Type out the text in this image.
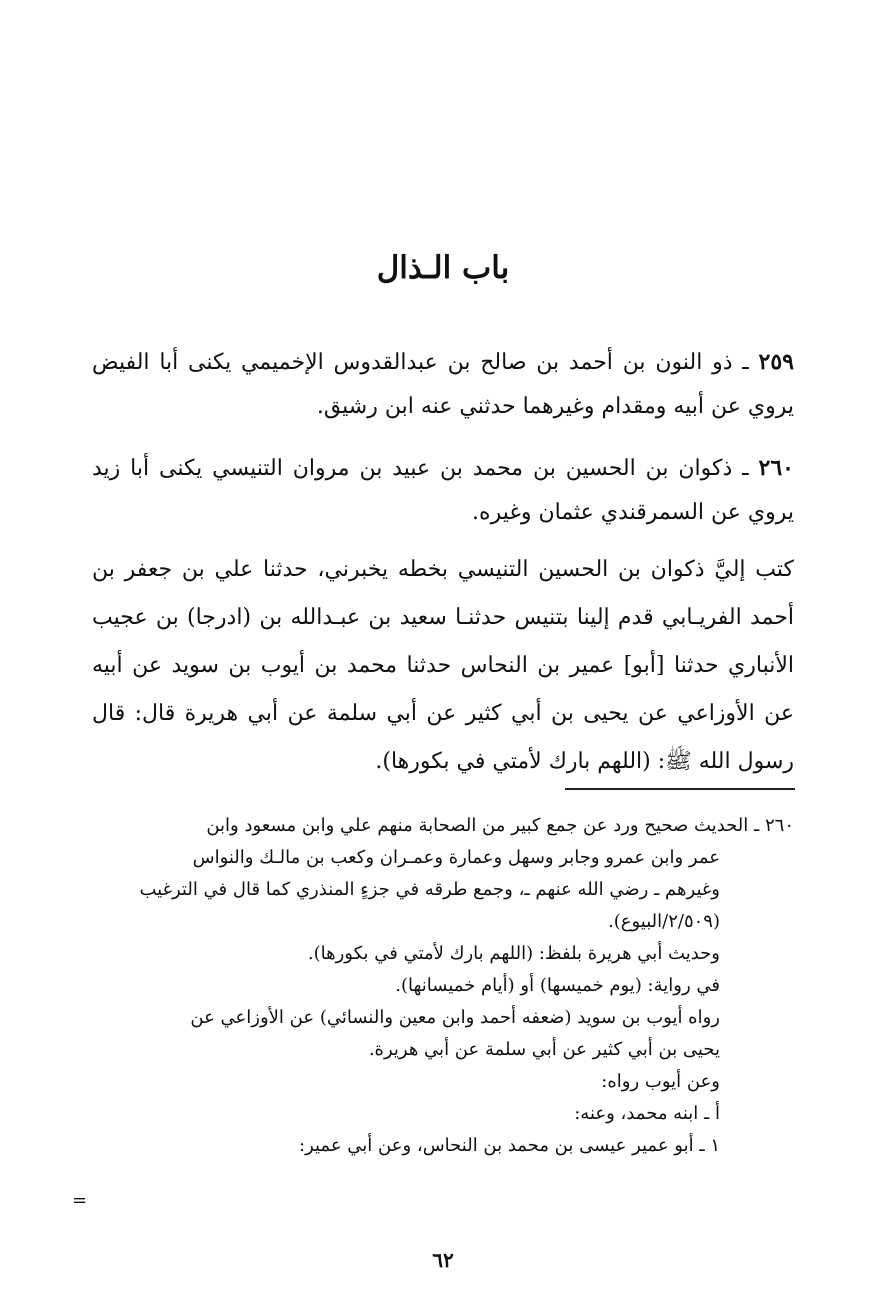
باب الـذال
٢٥٩ ـ ذو النون بن أحمد بن صالح بن عبدالقدوس الإخميمي يكنى أبا الفيض يروي عن أبيه ومقدام وغيرهما حدثني عنه ابن رشيق.
٢٦٠ ـ ذكوان بن الحسين بن محمد بن عبيد بن مروان التنيسي يكنى أبا زيد يروي عن السمرقندي عثمان وغيره.
كتب إليَّ ذكوان بن الحسين التنيسي بخطه يخبرني، حدثنا علي بن جعفر بن أحمد الفريـابي قدم إلينا بتنيس حدثنـا سعيد بن عبـدالله بن (ادرجا) بن عجيب الأنباري حدثنا [أبو] عمير بن النحاس حدثنا محمد بن أيوب بن سويد عن أبيه عن الأوزاعي عن يحيى بن أبي كثير عن أبي سلمة عن أبي هريرة قال: قال رسول الله ﷺ: (اللهم بارك لأمتي في بكورها).
٢٦٠ ـ الحديث صحيح ورد عن جمع كبير من الصحابة منهم علي وابن مسعود وابن
عمر وابن عمرو وجابر وسهل وعمارة وعمـران وكعب بن مالـك والنواس
وغيرهم ـ رضي الله عنهم ـ، وجمع طرقه في جزءٍ المنذري كما قال في الترغيب
(٢/٥٠٩/البيوع).
وحديث أبي هريرة بلفظ: (اللهم بارك لأمتي في بكورها).
في رواية: (يوم خميسها) أو (أيام خميسانها).
رواه أيوب بن سويد (ضعفه أحمد وابن معين والنسائي) عن الأوزاعي عن
يحيى بن أبي كثير عن أبي سلمة عن أبي هريرة.
وعن أيوب رواه:
أ ـ ابنه محمد، وعنه:
١ ـ أبو عمير عيسى بن محمد بن النحاس، وعن أبي عمير:
=
٦٢
